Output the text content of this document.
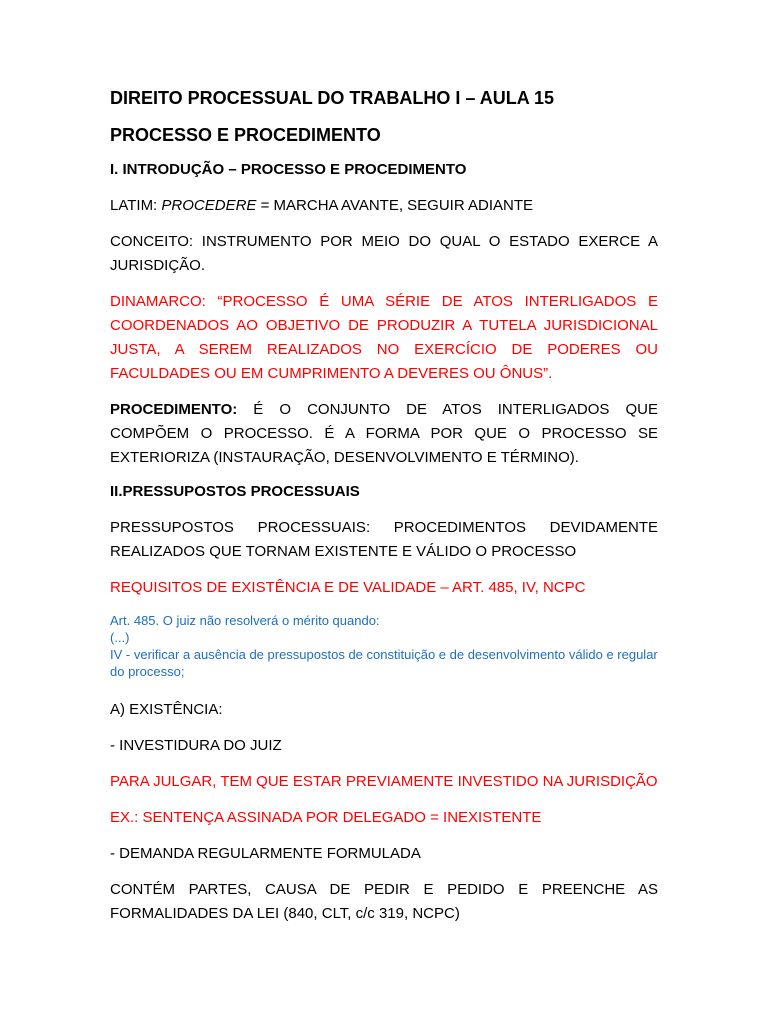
DIREITO PROCESSUAL DO TRABALHO I – AULA 15
PROCESSO E PROCEDIMENTO
I. INTRODUÇÃO – PROCESSO E PROCEDIMENTO
LATIM: PROCEDERE = MARCHA AVANTE, SEGUIR ADIANTE
CONCEITO: INSTRUMENTO POR MEIO DO QUAL O ESTADO EXERCE A JURISDIÇÃO.
DINAMARCO: “PROCESSO É UMA SÉRIE DE ATOS INTERLIGADOS E COORDENADOS AO OBJETIVO DE PRODUZIR A TUTELA JURISDICIONAL JUSTA, A SEREM REALIZADOS NO EXERCÍCIO DE PODERES OU FACULDADES OU EM CUMPRIMENTO A DEVERES OU ÔNUS”.
PROCEDIMENTO: É O CONJUNTO DE ATOS INTERLIGADOS QUE COMPÕEM O PROCESSO. É A FORMA POR QUE O PROCESSO SE EXTERIORIZA (INSTAURAÇÃO, DESENVOLVIMENTO E TÉRMINO).
II.PRESSUPOSTOS PROCESSUAIS
PRESSUPOSTOS PROCESSUAIS: PROCEDIMENTOS DEVIDAMENTE
REALIZADOS QUE TORNAM EXISTENTE E VÁLIDO O PROCESSO
REQUISITOS DE EXISTÊNCIA E DE VALIDADE – ART. 485, IV, NCPC
Art. 485. O juiz não resolverá o mérito quando:
(...)
IV - verificar a ausência de pressupostos de constituição e de desenvolvimento válido e regular do processo;
A) EXISTÊNCIA:
- INVESTIDURA DO JUIZ
PARA JULGAR, TEM QUE ESTAR PREVIAMENTE INVESTIDO NA JURISDIÇÃO
EX.: SENTENÇA ASSINADA POR DELEGADO = INEXISTENTE
- DEMANDA REGULARMENTE FORMULADA
CONTÉM PARTES, CAUSA DE PEDIR E PEDIDO E PREENCHE AS FORMALIDADES DA LEI (840, CLT, c/c 319, NCPC)
